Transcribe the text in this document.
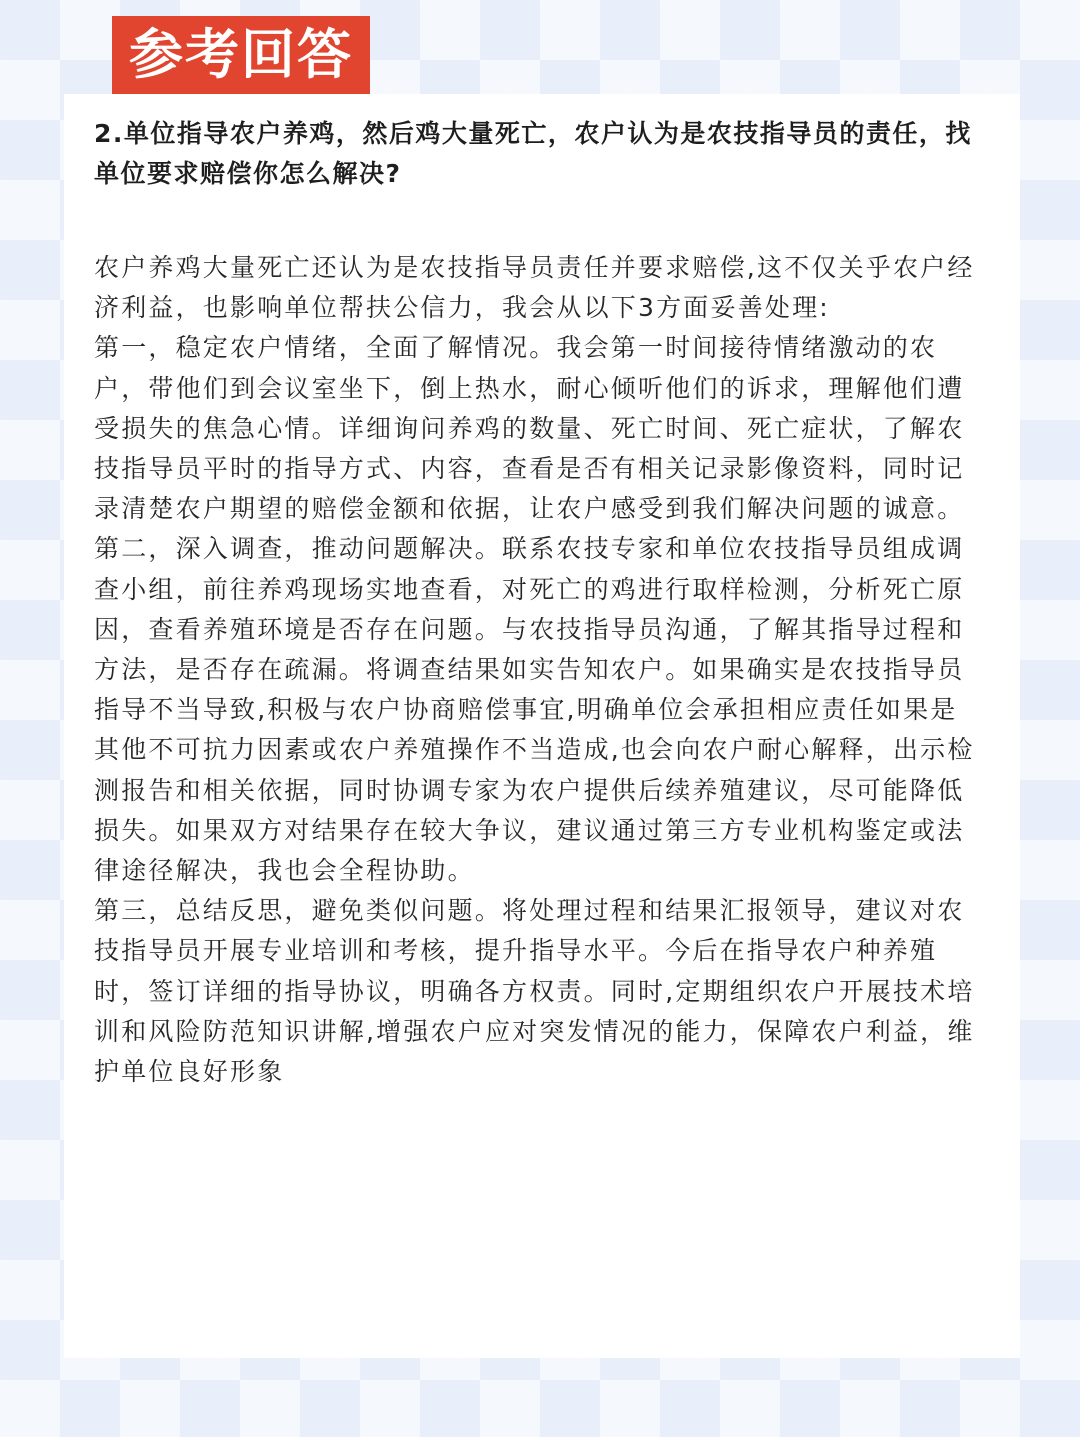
参考回答
2.单位指导农户养鸡，然后鸡大量死亡，农户认为是农技指导员的责任，找单位要求赔偿你怎么解决?

农户养鸡大量死亡还认为是农技指导员责任并要求赔偿,这不仅关乎农户经济利益，也影响单位帮扶公信力，我会从以下3方面妥善处理:

第一，稳定农户情绪，全面了解情况。我会第一时间接待情绪激动的农户，带他们到会议室坐下，倒上热水，耐心倾听他们的诉求，理解他们遭受损失的焦急心情。详细询问养鸡的数量、死亡时间、死亡症状，了解农技指导员平时的指导方式、内容，查看是否有相关记录影像资料，同时记录清楚农户期望的赔偿金额和依据，让农户感受到我们解决问题的诚意。

第二，深入调查，推动问题解决。联系农技专家和单位农技指导员组成调查小组，前往养鸡现场实地查看，对死亡的鸡进行取样检测，分析死亡原因，查看养殖环境是否存在问题。与农技指导员沟通，了解其指导过程和方法，是否存在疏漏。将调查结果如实告知农户。如果确实是农技指导员指导不当导致,积极与农户协商赔偿事宜,明确单位会承担相应责任如果是其他不可抗力因素或农户养殖操作不当造成,也会向农户耐心解释，出示检测报告和相关依据，同时协调专家为农户提供后续养殖建议，尽可能降低损失。如果双方对结果存在较大争议，建议通过第三方专业机构鉴定或法律途径解决，我也会全程协助。

第三，总结反思，避免类似问题。将处理过程和结果汇报领导，建议对农技指导员开展专业培训和考核，提升指导水平。今后在指导农户种养殖时，签订详细的指导协议，明确各方权责。同时,定期组织农户开展技术培训和风险防范知识讲解,增强农户应对突发情况的能力，保障农户利益，维护单位良好形象
